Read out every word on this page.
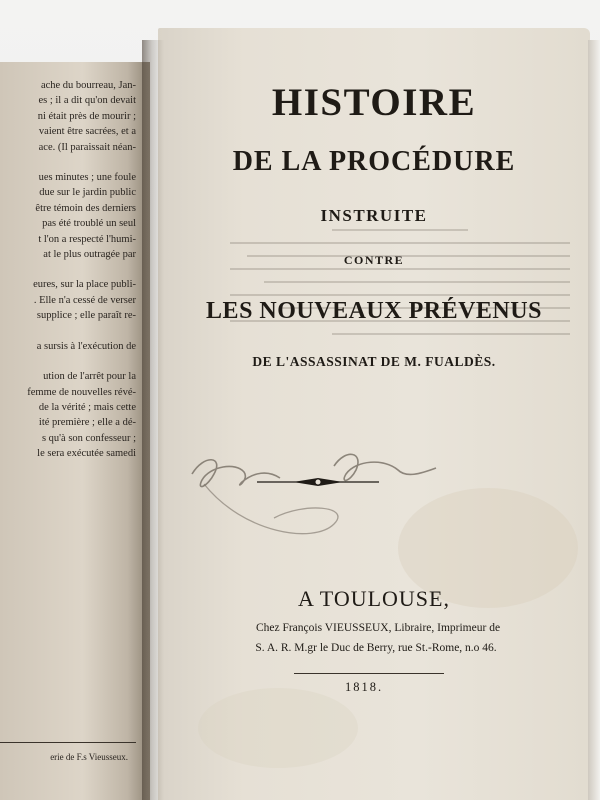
ache du bourreau, Jan-
es ; il a dit qu'on devait
ni était près de mourir ;
vaient être sacrées, et a
ace. (Il paraissait néan-
ues minutes ; une foule
due sur le jardin public
être témoin des derniers
pas été troublé un seul
t l'on a respecté l'humi-
at le plus outragée par
eures, sur la place publi-
. Elle n'a cessé de verser
supplice ; elle paraît re-
a sursis à l'exécution de
ution de l'arrêt pour la
femme de nouvelles révé-
de la vérité ; mais cette
ité première ; elle a dé-
s qu'à son confesseur ;
le sera exécutée samedi
erie de F.s Vieusseux.
HISTOIRE
DE LA PROCÉDURE
INSTRUITE
CONTRE
LES NOUVEAUX PRÉVENUS
DE L'ASSASSINAT DE M. FUALDÈS.
A TOULOUSE,
Chez François VIEUSSEUX, Libraire, Imprimeur de
S. A. R. M.gr le Duc de Berry, rue St.-Rome, n.o 46.
1818.
